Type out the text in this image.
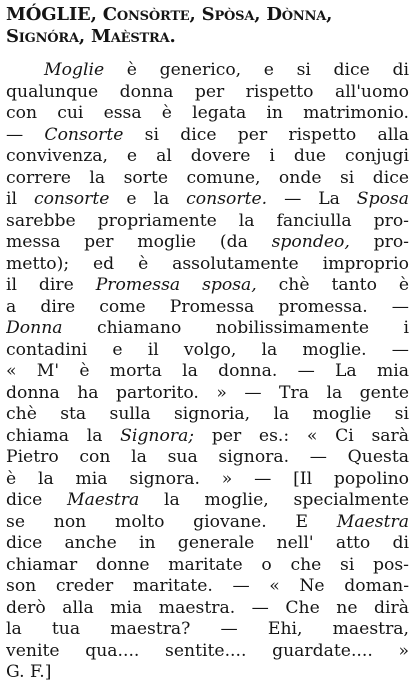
MÓGLIE, Consòrte, Spòsa, Dònna,
Signóra, Maèstra.
Moglie è generico, e si dice di
qualunque donna per rispetto all'uomo
con cui essa è legata in matrimonio.
— Consorte si dice per rispetto alla
convivenza, e al dovere i due conjugi
correre la sorte comune, onde si dice
il consorte e la consorte. — La Sposa
sarebbe propriamente la fanciulla pro-
messa per moglie (da spondeo, pro-
metto); ed è assolutamente improprio
il dire Promessa sposa, chè tanto è
a dire come Promessa promessa. —
Donna chiamano nobilissimamente i
contadini e il volgo, la moglie. —
« M' è morta la donna. — La mia
donna ha partorito. » — Tra la gente
chè sta sulla signoria, la moglie si
chiama la Signora; per es.: « Ci sarà
Pietro con la sua signora. — Questa
è la mia signora. » — [Il popolino
dice Maestra la moglie, specialmente
se non molto giovane. E Maestra
dice anche in generale nell' atto di
chiamar donne maritate o che si pos-
son creder maritate. — « Ne doman-
derò alla mia maestra. — Che ne dirà
la tua maestra? — Ehi, maestra,
venite qua.... sentite.... guardate.... »
G. F.]
